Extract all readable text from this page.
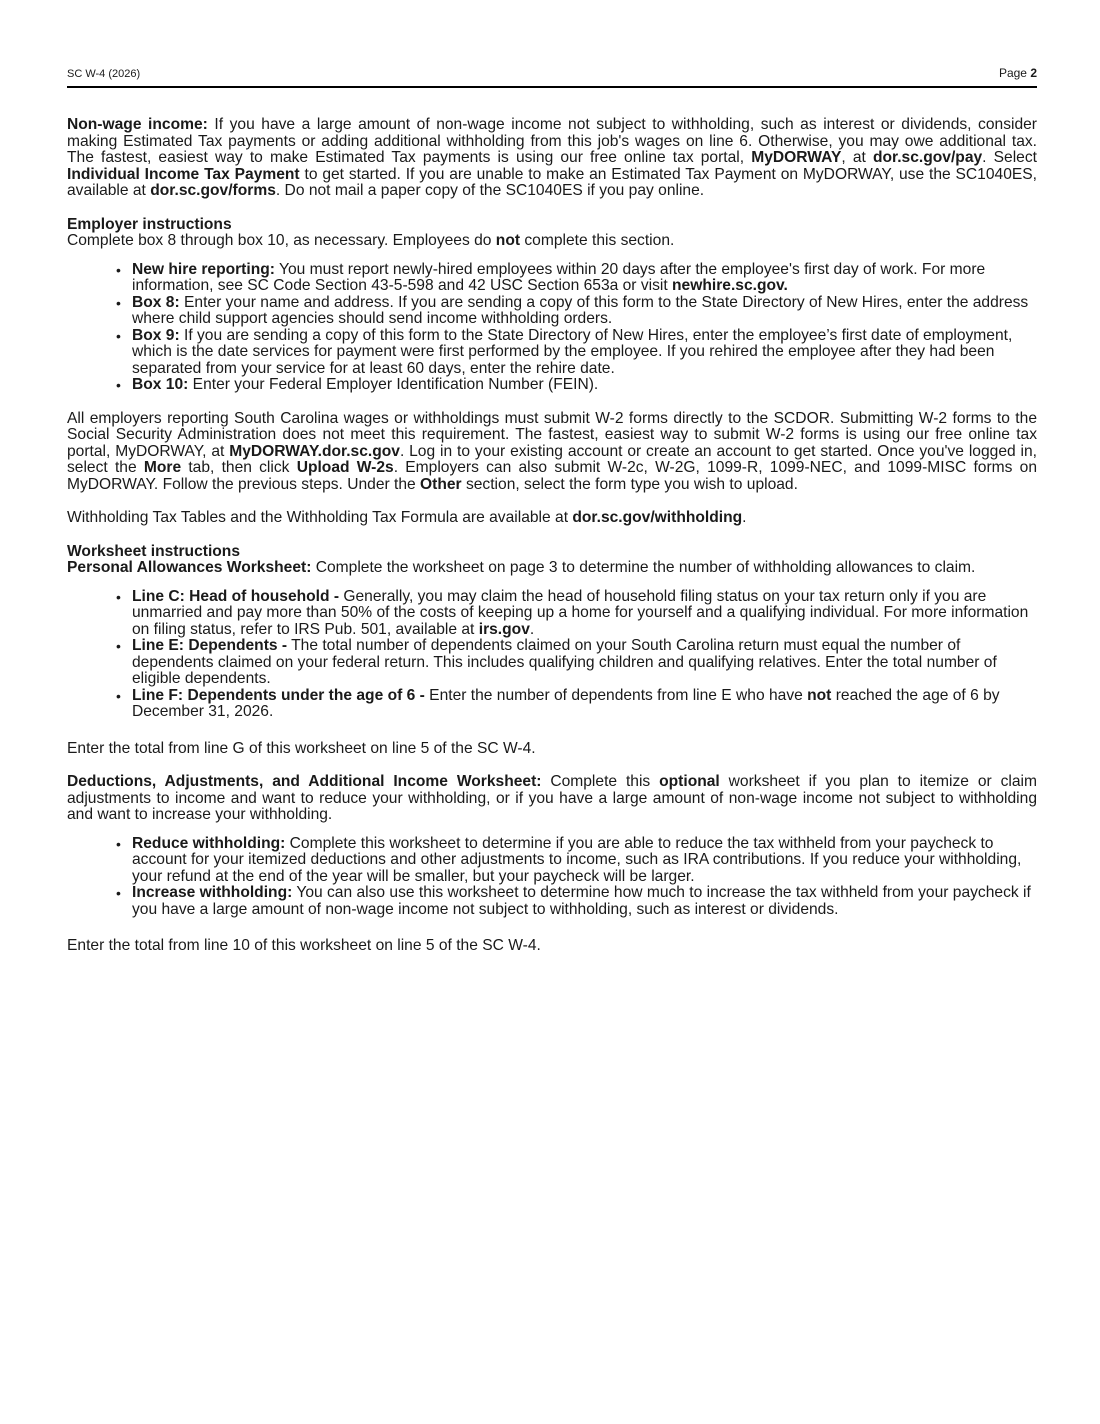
SC W-4 (2026)	Page 2

Non-wage income: If you have a large amount of non-wage income not subject to withholding, such as interest or dividends, consider making Estimated Tax payments or adding additional withholding from this job's wages on line 6. Otherwise, you may owe additional tax. The fastest, easiest way to make Estimated Tax payments is using our free online tax portal, MyDORWAY, at dor.sc.gov/pay. Select Individual Income Tax Payment to get started. If you are unable to make an Estimated Tax Payment on MyDORWAY, use the SC1040ES, available at dor.sc.gov/forms. Do not mail a paper copy of the SC1040ES if you pay online.

Employer instructions

Complete box 8 through box 10, as necessary. Employees do not complete this section.

• New hire reporting: You must report newly-hired employees within 20 days after the employee's first day of work. For more information, see SC Code Section 43-5-598 and 42 USC Section 653a or visit newhire.sc.gov.
• Box 8: Enter your name and address. If you are sending a copy of this form to the State Directory of New Hires, enter the address where child support agencies should send income withholding orders.
• Box 9: If you are sending a copy of this form to the State Directory of New Hires, enter the employee’s first date of employment, which is the date services for payment were first performed by the employee. If you rehired the employee after they had been separated from your service for at least 60 days, enter the rehire date.
• Box 10: Enter your Federal Employer Identification Number (FEIN).

All employers reporting South Carolina wages or withholdings must submit W-2 forms directly to the SCDOR. Submitting W-2 forms to the Social Security Administration does not meet this requirement. The fastest, easiest way to submit W-2 forms is using our free online tax portal, MyDORWAY, at MyDORWAY.dor.sc.gov. Log in to your existing account or create an account to get started. Once you've logged in, select the More tab, then click Upload W-2s. Employers can also submit W-2c, W-2G, 1099-R, 1099-NEC, and 1099-MISC forms on MyDORWAY. Follow the previous steps. Under the Other section, select the form type you wish to upload.

Withholding Tax Tables and the Withholding Tax Formula are available at dor.sc.gov/withholding.

Worksheet instructions

Personal Allowances Worksheet: Complete the worksheet on page 3 to determine the number of withholding allowances to claim.

• Line C: Head of household - Generally, you may claim the head of household filing status on your tax return only if you are unmarried and pay more than 50% of the costs of keeping up a home for yourself and a qualifying individual. For more information on filing status, refer to IRS Pub. 501, available at irs.gov.
• Line E: Dependents - The total number of dependents claimed on your South Carolina return must equal the number of dependents claimed on your federal return. This includes qualifying children and qualifying relatives. Enter the total number of eligible dependents.
• Line F: Dependents under the age of 6 - Enter the number of dependents from line E who have not reached the age of 6 by December 31, 2026.

Enter the total from line G of this worksheet on line 5 of the SC W-4.

Deductions, Adjustments, and Additional Income Worksheet: Complete this optional worksheet if you plan to itemize or claim adjustments to income and want to reduce your withholding, or if you have a large amount of non-wage income not subject to withholding and want to increase your withholding.

• Reduce withholding: Complete this worksheet to determine if you are able to reduce the tax withheld from your paycheck to account for your itemized deductions and other adjustments to income, such as IRA contributions. If you reduce your withholding, your refund at the end of the year will be smaller, but your paycheck will be larger.
• Increase withholding: You can also use this worksheet to determine how much to increase the tax withheld from your paycheck if you have a large amount of non-wage income not subject to withholding, such as interest or dividends.

Enter the total from line 10 of this worksheet on line 5 of the SC W-4.
